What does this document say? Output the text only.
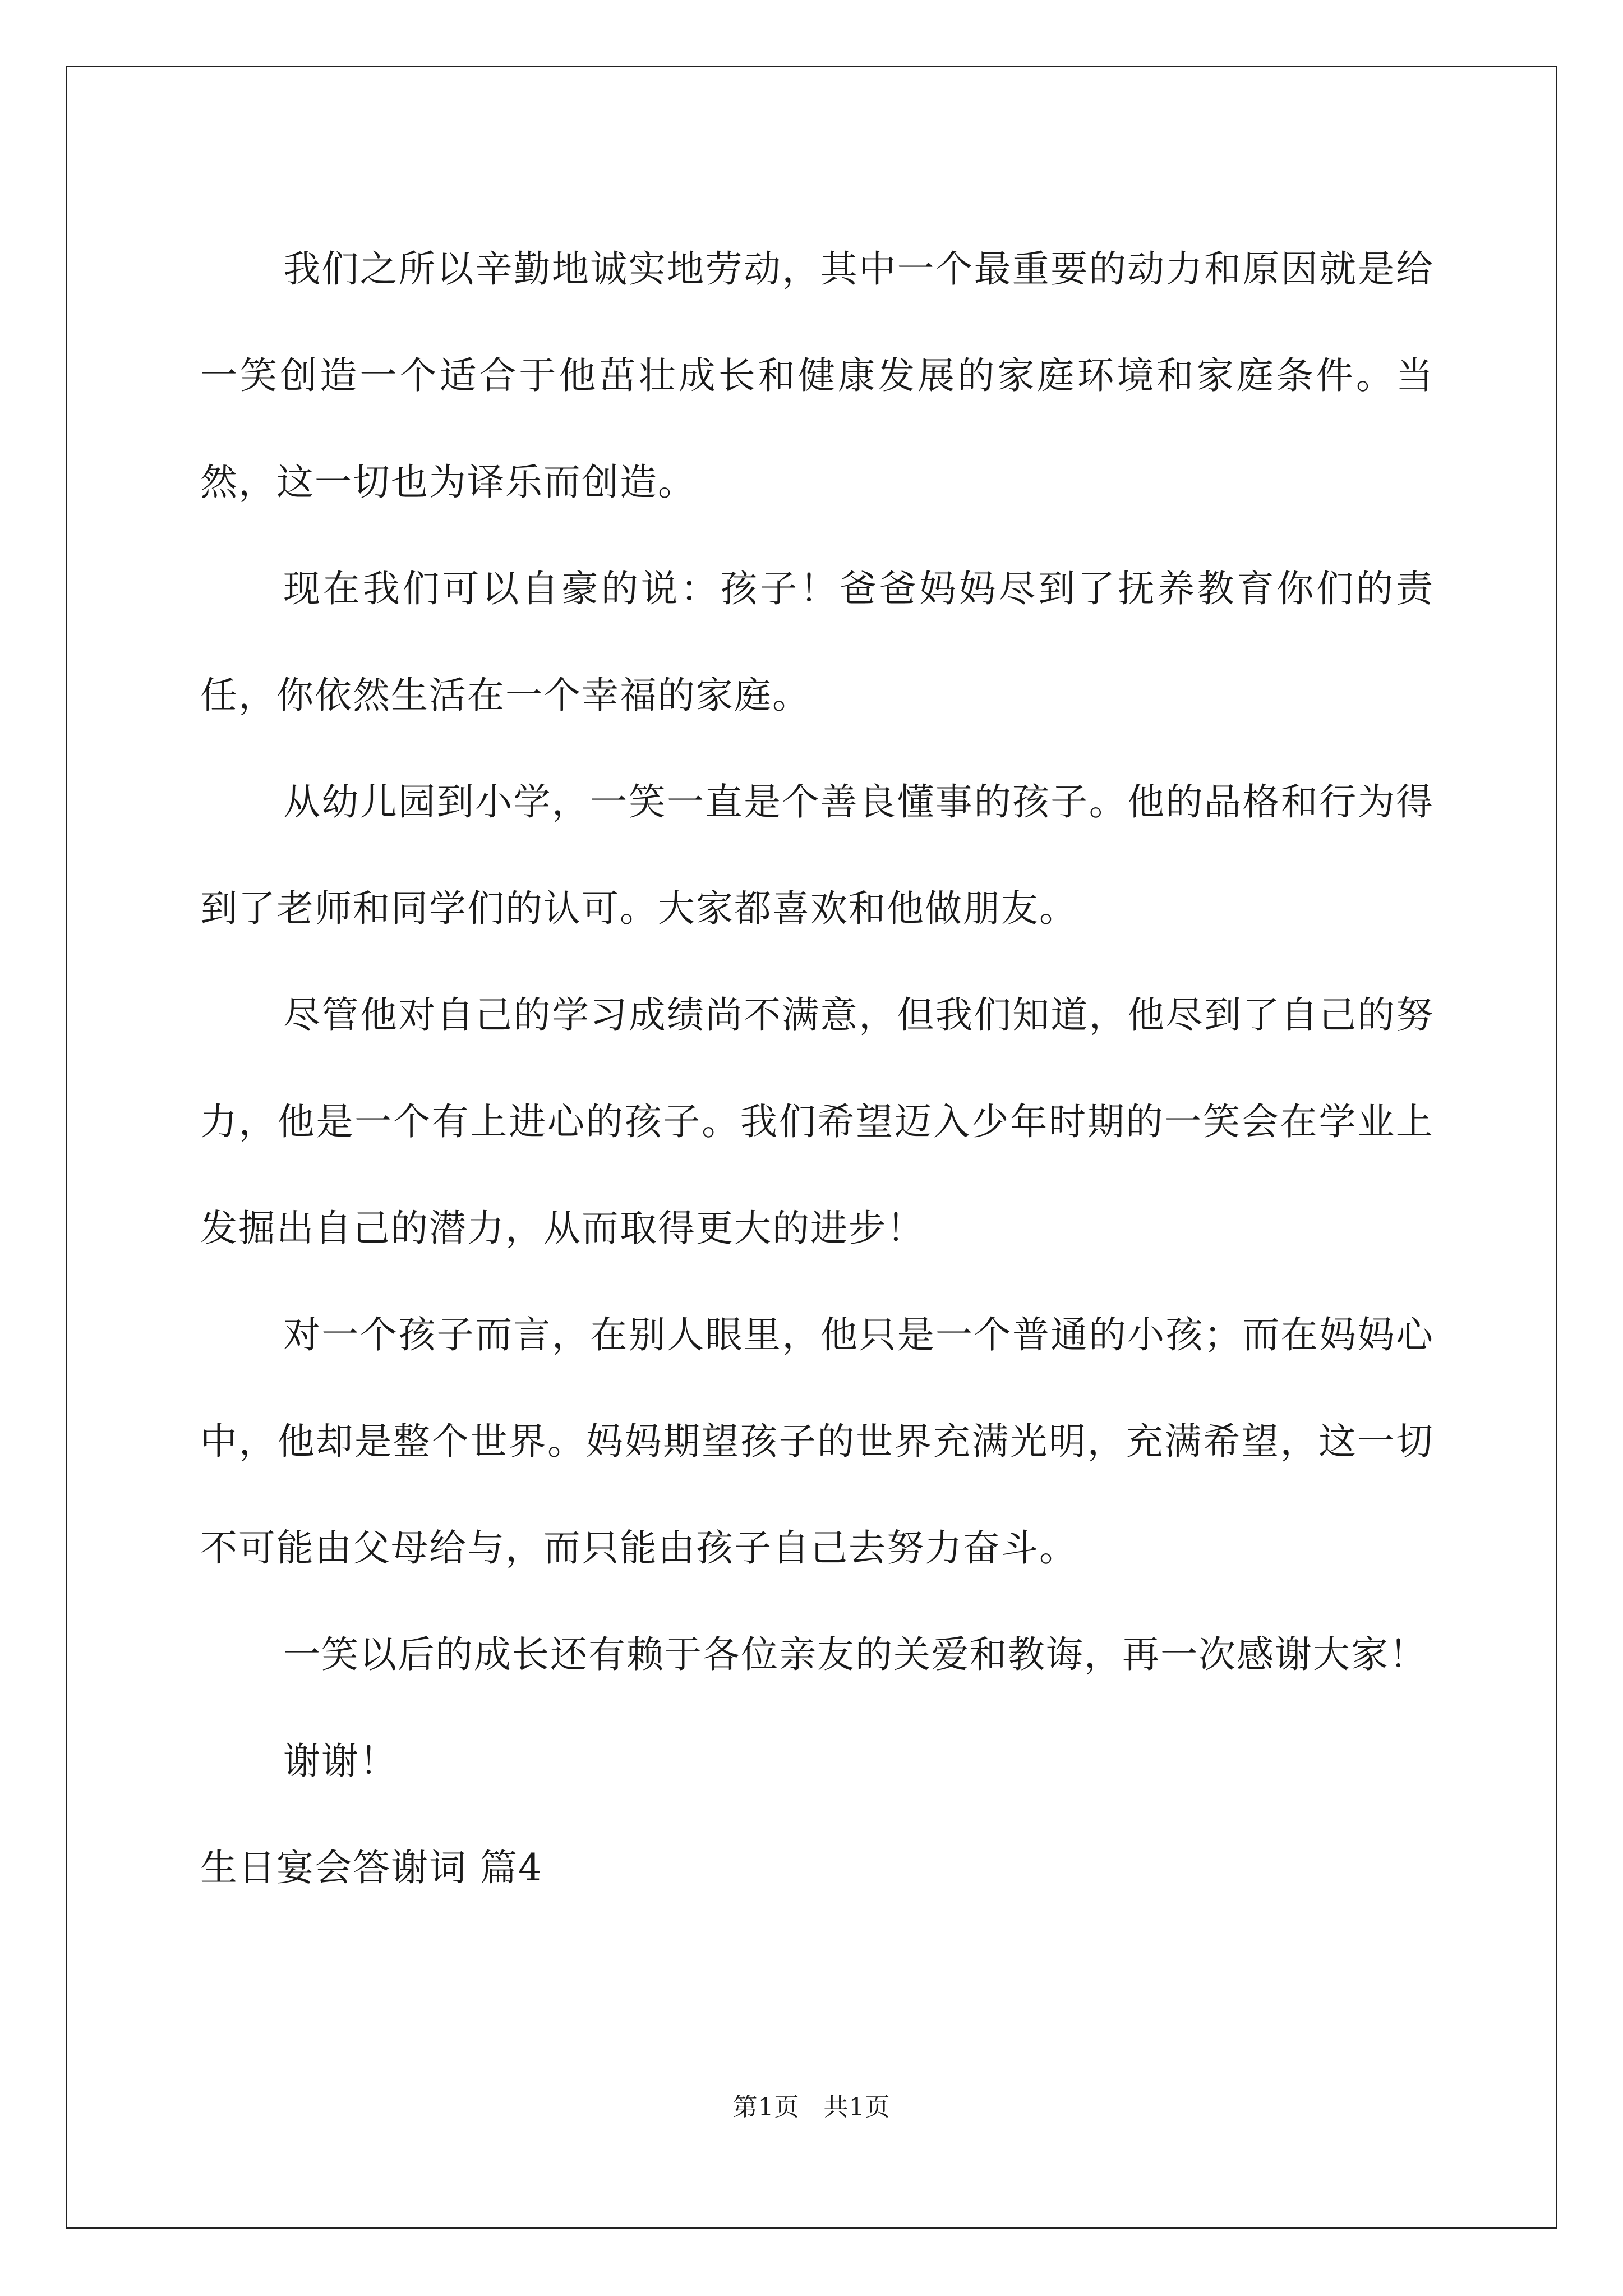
我们之所以辛勤地诚实地劳动，其中一个最重要的动力和原因就是给一笑创造一个适合于他茁壮成长和健康发展的家庭环境和家庭条件。当然，这一切也为译乐而创造。

现在我们可以自豪的说：孩子！爸爸妈妈尽到了抚养教育你们的责任，你依然生活在一个幸福的家庭。

从幼儿园到小学，一笑一直是个善良懂事的孩子。他的品格和行为得到了老师和同学们的认可。大家都喜欢和他做朋友。

尽管他对自己的学习成绩尚不满意，但我们知道，他尽到了自己的努力，他是一个有上进心的孩子。我们希望迈入少年时期的一笑会在学业上发掘出自己的潜力，从而取得更大的进步！

对一个孩子而言，在别人眼里，他只是一个普通的小孩；而在妈妈心中，他却是整个世界。妈妈期望孩子的世界充满光明，充满希望，这一切不可能由父母给与，而只能由孩子自己去努力奋斗。

一笑以后的成长还有赖于各位亲友的关爱和教诲，再一次感谢大家！

谢谢！

生日宴会答谢词 篇4

第1页 共1页
